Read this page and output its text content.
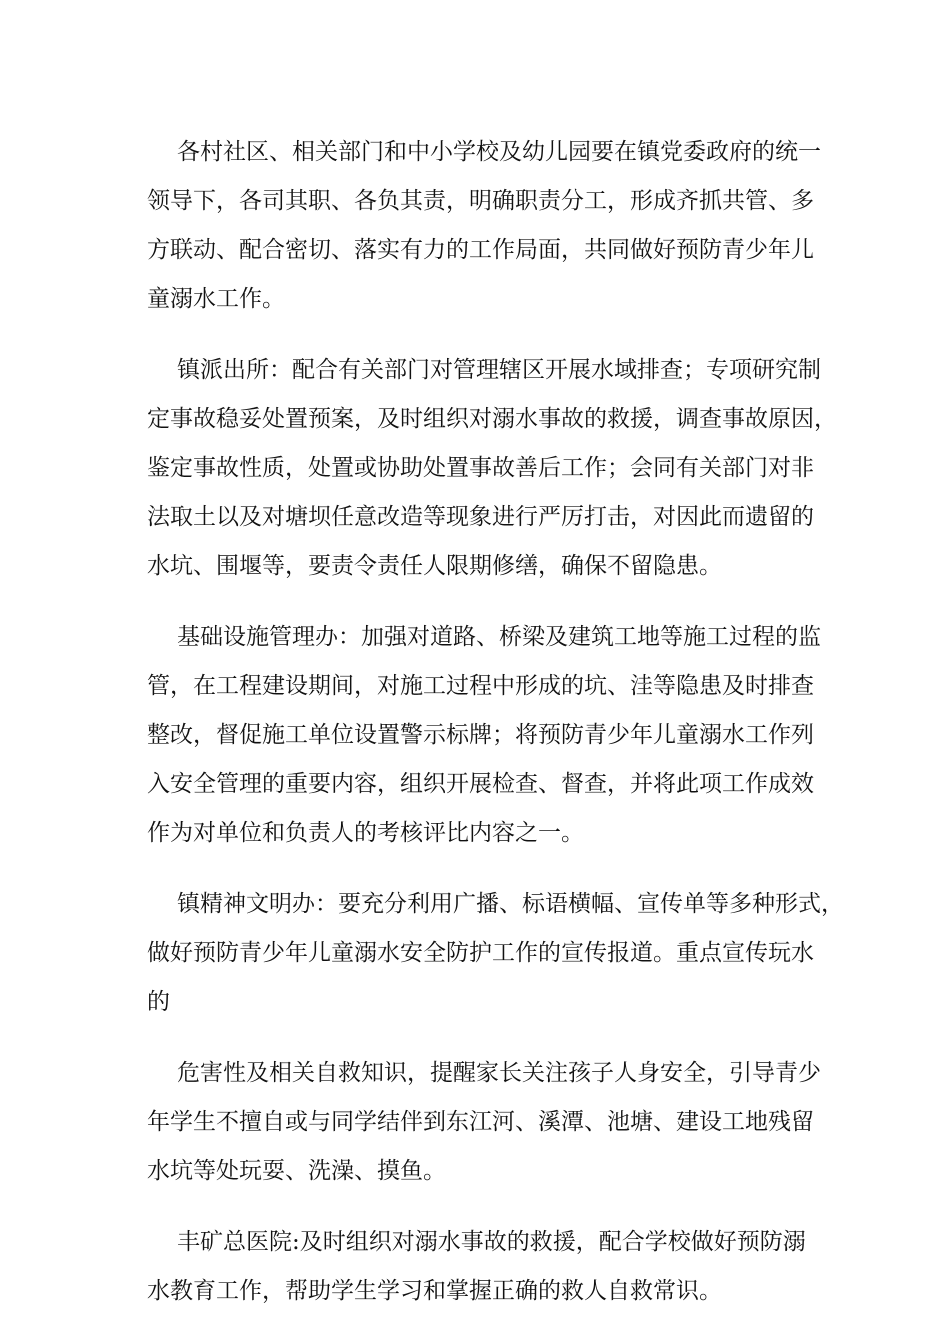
各村社区、相关部门和中小学校及幼儿园要在镇党委政府的统一
领导下，各司其职、各负其责，明确职责分工，形成齐抓共管、多
方联动、配合密切、落实有力的工作局面，共同做好预防青少年儿
童溺水工作。
镇派出所：配合有关部门对管理辖区开展水域排查；专项研究制
定事故稳妥处置预案，及时组织对溺水事故的救援，调查事故原因，
鉴定事故性质，处置或协助处置事故善后工作；会同有关部门对非
法取土以及对塘坝任意改造等现象进行严厉打击，对因此而遗留的
水坑、围堰等，要责令责任人限期修缮，确保不留隐患。
基础设施管理办：加强对道路、桥梁及建筑工地等施工过程的监
管，在工程建设期间，对施工过程中形成的坑、洼等隐患及时排查
整改，督促施工单位设置警示标牌；将预防青少年儿童溺水工作列
入安全管理的重要内容，组织开展检查、督查，并将此项工作成效
作为对单位和负责人的考核评比内容之一。
镇精神文明办：要充分利用广播、标语横幅、宣传单等多种形式，
做好预防青少年儿童溺水安全防护工作的宣传报道。重点宣传玩水
的
危害性及相关自救知识，提醒家长关注孩子人身安全，引导青少
年学生不擅自或与同学结伴到东江河、溪潭、池塘、建设工地残留
水坑等处玩耍、洗澡、摸鱼。
丰矿总医院:及时组织对溺水事故的救援，配合学校做好预防溺
水教育工作，帮助学生学习和掌握正确的救人自救常识。
